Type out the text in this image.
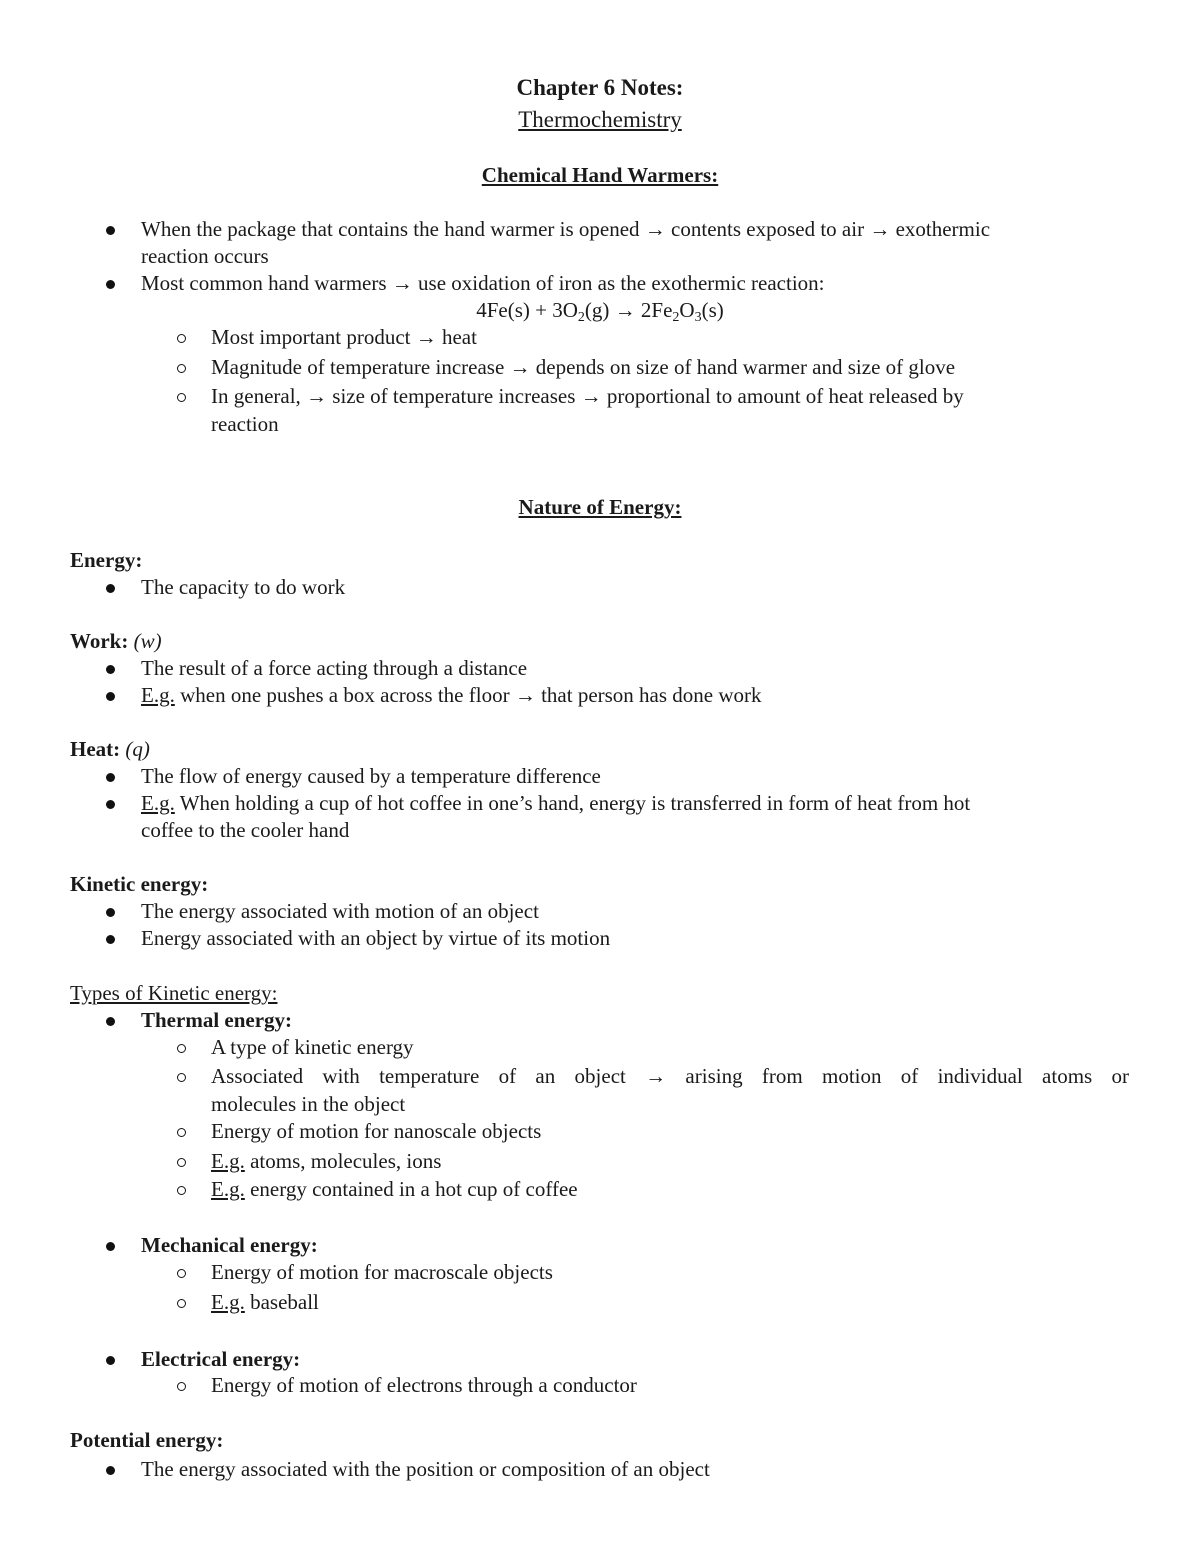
Chapter 6 Notes:
Thermochemistry
Chemical Hand Warmers:
When the package that contains the hand warmer is opened → contents exposed to air → exothermic
reaction occurs
Most common hand warmers → use oxidation of iron as the exothermic reaction:
4Fe(s) + 3O2(g) → 2Fe2O3(s)
Most important product → heat
Magnitude of temperature increase → depends on size of hand warmer and size of glove
In general, → size of temperature increases → proportional to amount of heat released by
reaction
Nature of Energy:
Energy:
The capacity to do work
Work: (w)
The result of a force acting through a distance
E.g. when one pushes a box across the floor → that person has done work
Heat: (q)
The flow of energy caused by a temperature difference
E.g. When holding a cup of hot coffee in one’s hand, energy is transferred in form of heat from hot
coffee to the cooler hand
Kinetic energy:
The energy associated with motion of an object
Energy associated with an object by virtue of its motion
Types of Kinetic energy:
Thermal energy:
A type of kinetic energy
Associated with temperature of an object → arising from motion of individual atoms or
molecules in the object
Energy of motion for nanoscale objects
E.g. atoms, molecules, ions
E.g. energy contained in a hot cup of coffee
Mechanical energy:
Energy of motion for macroscale objects
E.g. baseball
Electrical energy:
Energy of motion of electrons through a conductor
Potential energy:
The energy associated with the position or composition of an object
